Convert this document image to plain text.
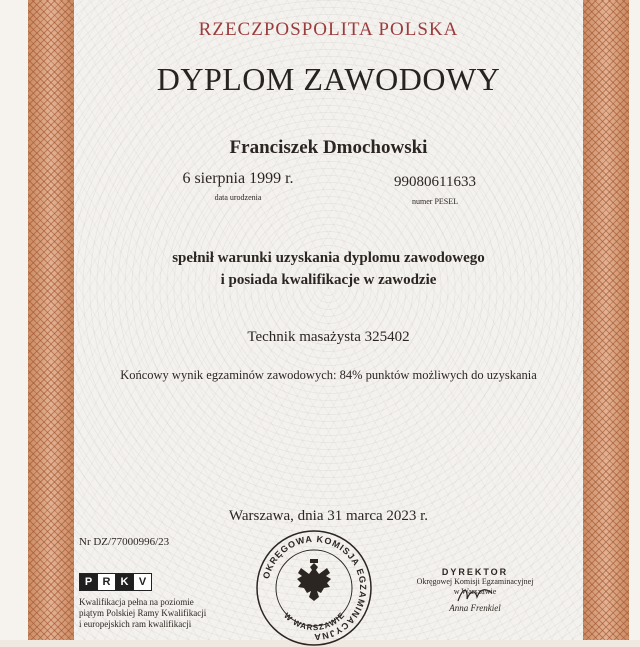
RZECZPOSPOLITA POLSKA
DYPLOM ZAWODOWY
Franciszek Dmochowski
6 sierpnia 1999 r.
data urodzenia
99080611633
numer PESEL
spełnił warunki uzyskania dyplomu zawodowego
i posiada kwalifikacje w zawodzie
Technik masażysta 325402
Końcowy wynik egzaminów zawodowych: 84% punktów możliwych do uzyskania
Warszawa, dnia 31 marca 2023 r.
Nr DZ/77000996/23
P R K V
Kwalifikacja pełna na poziomie
piątym Polskiej Ramy Kwalifikacji
i europejskich ram kwalifikacji
OKRĘGOWA KOMISJA EGZAMINACYJNA
W WARSZAWIE
DYREKTOR
Okręgowej Komisji Egzaminacyjnej
w Warszawie
Anna Frenkiel
